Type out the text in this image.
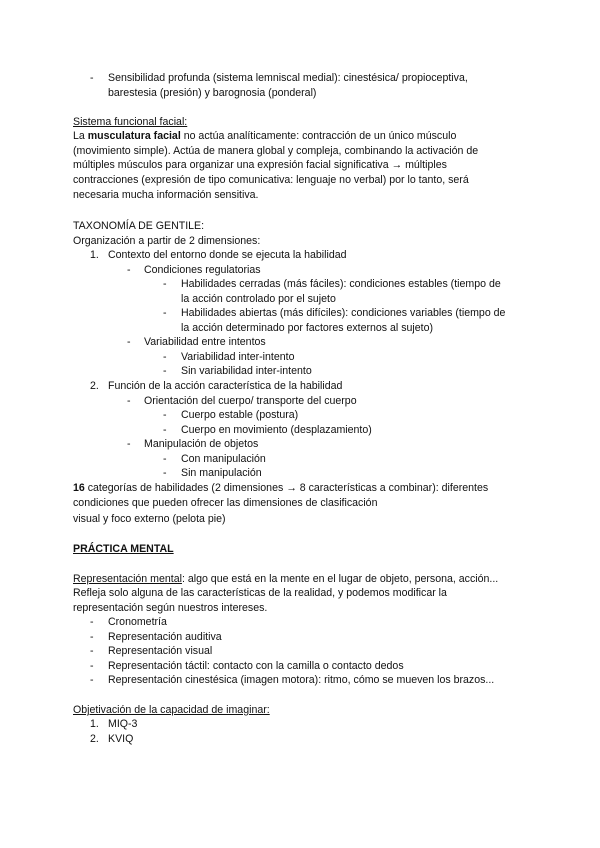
- Sensibilidad profunda (sistema lemniscal medial): cinestésica/ propioceptiva,
barestesia (presión) y barognosia (ponderal)
Sistema funcional facial:
La musculatura facial no actúa analíticamente: contracción de un único músculo
(movimiento simple). Actúa de manera global y compleja, combinando la activación de
múltiples músculos para organizar una expresión facial significativa → múltiples
contracciones (expresión de tipo comunicativa: lenguaje no verbal) por lo tanto, será
necesaria mucha información sensitiva.
TAXONOMÍA DE GENTILE:
Organización a partir de 2 dimensiones:
1. Contexto del entorno donde se ejecuta la habilidad
- Condiciones regulatorias
- Habilidades cerradas (más fáciles): condiciones estables (tiempo de
la acción controlado por el sujeto
- Habilidades abiertas (más difíciles): condiciones variables (tiempo de
la acción determinado por factores externos al sujeto)
- Variabilidad entre intentos
- Variabilidad inter-intento
- Sin variabilidad inter-intento
2. Función de la acción característica de la habilidad
- Orientación del cuerpo/ transporte del cuerpo
- Cuerpo estable (postura)
- Cuerpo en movimiento (desplazamiento)
- Manipulación de objetos
- Con manipulación
- Sin manipulación
16 categorías de habilidades (2 dimensiones → 8 características a combinar): diferentes
condiciones que pueden ofrecer las dimensiones de clasificación
visual y foco externo (pelota pie)
PRÁCTICA MENTAL
Representación mental: algo que está en la mente en el lugar de objeto, persona, acción...
Refleja solo alguna de las características de la realidad, y podemos modificar la
representación según nuestros intereses.
- Cronometría
- Representación auditiva
- Representación visual
- Representación táctil: contacto con la camilla o contacto dedos
- Representación cinestésica (imagen motora): ritmo, cómo se mueven los brazos...
Objetivación de la capacidad de imaginar:
1. MIQ-3
2. KVIQ
